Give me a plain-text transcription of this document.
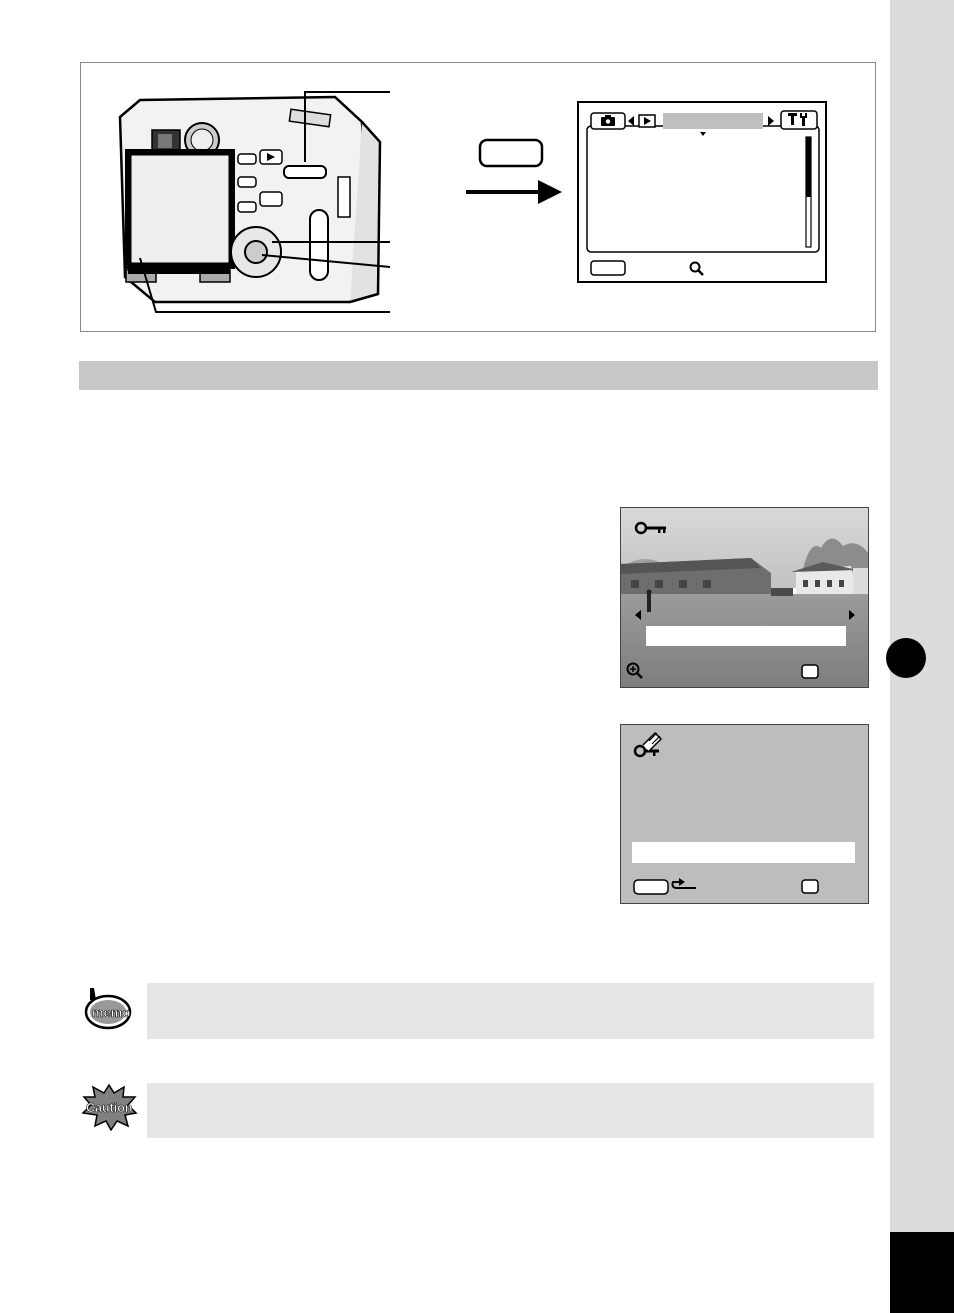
memo
Caution
